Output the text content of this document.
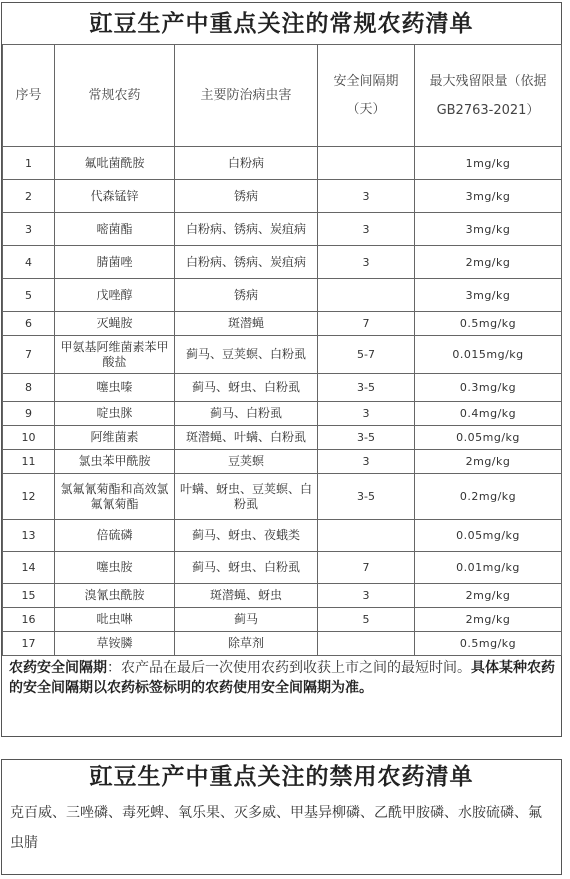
豇豆生产中重点关注的常规农药清单
序号	常规农药	主要防治病虫害	安全间隔期（天）	最大残留限量（依据GB2763-2021）
1	氟吡菌酰胺	白粉病		1mg/kg
2	代森锰锌	锈病	3	3mg/kg
3	嘧菌酯	白粉病、锈病、炭疽病	3	3mg/kg
4	腈菌唑	白粉病、锈病、炭疽病	3	2mg/kg
5	戊唑醇	锈病		3mg/kg
6	灭蝇胺	斑潜蝇	7	0.5mg/kg
7	甲氨基阿维菌素苯甲酸盐	蓟马、豆荚螟、白粉虱	5-7	0.015mg/kg
8	噻虫嗪	蓟马、蚜虫、白粉虱	3-5	0.3mg/kg
9	啶虫脒	蓟马、白粉虱	3	0.4mg/kg
10	阿维菌素	斑潜蝇、叶螨、白粉虱	3-5	0.05mg/kg
11	氯虫苯甲酰胺	豆荚螟	3	2mg/kg
12	氯氟氰菊酯和高效氯氟氰菊酯	叶螨、蚜虫、豆荚螟、白粉虱	3-5	0.2mg/kg
13	倍硫磷	蓟马、蚜虫、夜蛾类		0.05mg/kg
14	噻虫胺	蓟马、蚜虫、白粉虱	7	0.01mg/kg
15	溴氰虫酰胺	斑潜蝇、蚜虫	3	2mg/kg
16	吡虫啉	蓟马	5	2mg/kg
17	草铵膦	除草剂		0.5mg/kg
农药安全间隔期：农产品在最后一次使用农药到收获上市之间的最短时间。具体某种农药的安全间隔期以农药标签标明的农药使用安全间隔期为准。
豇豆生产中重点关注的禁用农药清单
克百威、三唑磷、毒死蜱、氧乐果、灭多威、甲基异柳磷、乙酰甲胺磷、水胺硫磷、氟虫腈
